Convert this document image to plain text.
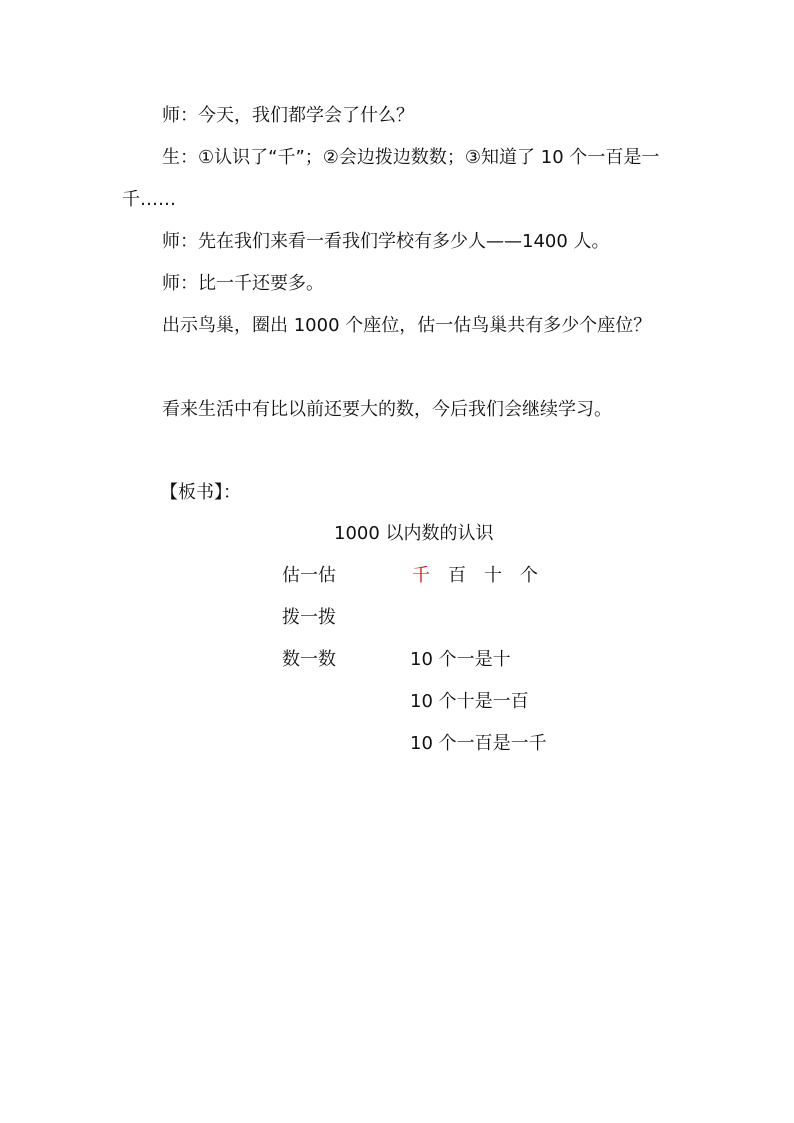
师：今天，我们都学会了什么？

生：①认识了“千”；②会边拨边数数；③知道了 10 个一百是一千……

师：先在我们来看一看我们学校有多少人——1400 人。

师：比一千还要多。

出示鸟巢，圈出 1000 个座位，估一估鸟巢共有多少个座位？

看来生活中有比以前还要大的数，今后我们会继续学习。

【板书】：
1000 以内数的认识
估一估
拨一拨
数一数
千 百 十 个
10 个一是十
10 个十是一百
10 个一百是一千
